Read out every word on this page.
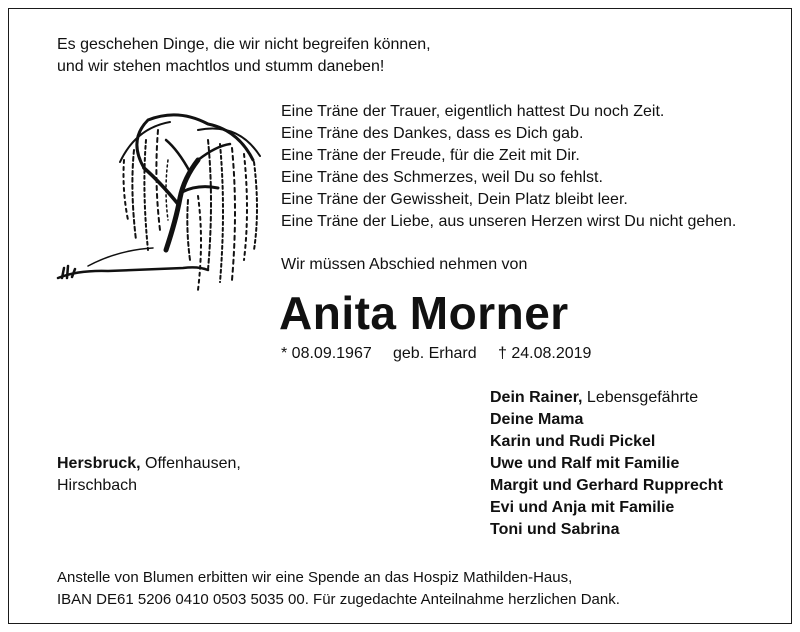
Es geschehen Dinge, die wir nicht begreifen können,
und wir stehen machtlos und stumm daneben!
Eine Träne der Trauer, eigentlich hattest Du noch Zeit.
Eine Träne des Dankes, dass es Dich gab.
Eine Träne der Freude, für die Zeit mit Dir.
Eine Träne des Schmerzes, weil Du so fehlst.
Eine Träne der Gewissheit, Dein Platz bleibt leer.
Eine Träne der Liebe, aus unseren Herzen wirst Du nicht gehen.
Wir müssen Abschied nehmen von
Anita Morner
* 08.09.1967 geb. Erhard † 24.08.2019
Hersbruck, Offenhausen,
Hirschbach
Dein Rainer, Lebensgefährte
Deine Mama
Karin und Rudi Pickel
Uwe und Ralf mit Familie
Margit und Gerhard Rupprecht
Evi und Anja mit Familie
Toni und Sabrina
Anstelle von Blumen erbitten wir eine Spende an das Hospiz Mathilden-Haus,
IBAN DE61 5206 0410 0503 5035 00. Für zugedachte Anteilnahme herzlichen Dank.
